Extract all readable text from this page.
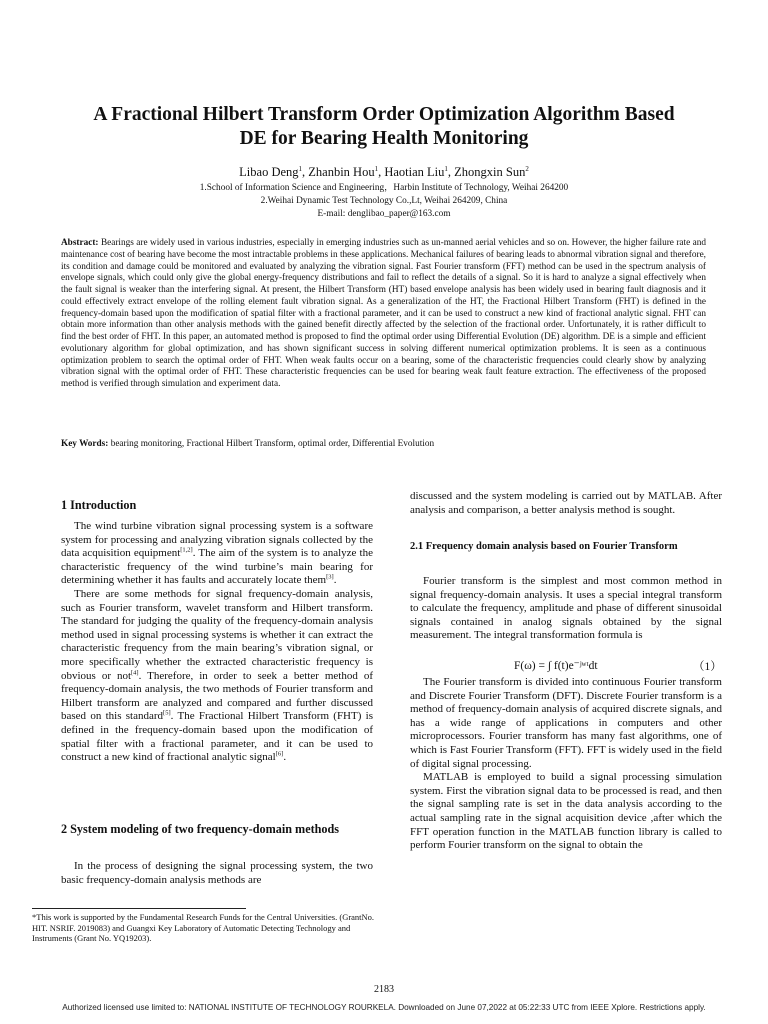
A Fractional Hilbert Transform Order Optimization Algorithm Based
DE for Bearing Health Monitoring
Libao Deng$^1$, Zhanbin Hou$^1$, Haotian Liu$^1$, Zhongxin Sun$^2$
1.School of Information Science and Engineering，Harbin Institute of Technology, Weihai 264200
2.Weihai Dynamic Test Technology Co.,Lt, Weihai 264209, China
E-mail: denglibao_paper@163.com
Abstract: Bearings are widely used in various industries, especially in emerging industries such as un-manned aerial vehicles and so on. However, the higher failure rate and maintenance cost of bearing have become the most intractable problems in these applications. Mechanical failures of bearing leads to abnormal vibration signal and therefore, its condition and damage could be monitored and evaluated by analyzing the vibration signal. Fast Fourier transform (FFT) method can be used in the spectrum analysis of envelope signals, which could only give the global energy-frequency distributions and fail to reflect the details of a signal. So it is hard to analyze a signal effectively when the fault signal is weaker than the interfering signal. At present, the Hilbert Transform (HT) based envelope analysis has been widely used in bearing fault diagnosis and it could effectively extract envelope of the rolling element fault vibration signal. As a generalization of the HT, the Fractional Hilbert Transform (FHT) is defined in the frequency-domain based upon the modification of spatial filter with a fractional parameter, and it can be used to construct a new kind of fractional analytic signal. FHT can obtain more information than other analysis methods with the gained benefit directly affected by the selection of the fractional order. Unfortunately, it is rather difficult to find the best order of FHT. In this paper, an automated method is proposed to find the optimal order using Differential Evolution (DE) algorithm. DE is a simple and efficient evolutionary algorithm for global optimization, and has shown significant success in solving different numerical optimization problems. It is seen as a continuous optimization problem to search the optimal order of FHT. When weak faults occur on a bearing, some of the characteristic frequencies could clearly show by analyzing vibration signal with the optimal order of FHT. These characteristic frequencies can be used for bearing weak fault feature extraction. The effectiveness of the proposed method is verified through simulation and experiment data.
Key Words: bearing monitoring, Fractional Hilbert Transform, optimal order, Differential Evolution
1 Introduction

The wind turbine vibration signal processing system is a software system for processing and analyzing vibration signals collected by the data acquisition equipment[1,2]. The aim of the system is to analyze the characteristic frequency of the wind turbine’s main bearing for determining whether it has faults and accurately locate them[3].

There are some methods for signal frequency-domain analysis, such as Fourier transform, wavelet transform and Hilbert transform. The standard for judging the quality of the frequency-domain analysis method used in signal processing systems is whether it can extract the characteristic frequency from the main bearing’s vibration signal, or more specifically whether the extracted characteristic frequency is obvious or not[4]. Therefore, in order to seek a better method of frequency-domain analysis, the two methods of Fourier transform and Hilbert transform are analyzed and compared and further discussed based on this standard[5]. The Fractional Hilbert Transform (FHT) is defined in the frequency-domain based upon the modification of spatial filter with a fractional parameter, and it can be used to construct a new kind of fractional analytic signal[6].

2 System modeling of two frequency-domain methods

In the process of designing the signal processing system, the two basic frequency-domain analysis methods are

discussed and the system modeling is carried out by MATLAB. After analysis and comparison, a better analysis method is sought.

2.1 Frequency domain analysis based on Fourier Transform

Fourier transform is the simplest and most common method in signal frequency-domain analysis. It uses a special integral transform to calculate the frequency, amplitude and phase of different sinusoidal signals contained in analog signals obtained by the signal measurement. The integral transformation formula is

F(ω) = ∫ f(t)e⁻ʲʷᵗdt	（1）

The Fourier transform is divided into continuous Fourier transform and Discrete Fourier Transform (DFT). Discrete Fourier transform is a method of frequency-domain analysis of acquired discrete signals, and has a wide range of applications in computers and other microprocessors. Fourier transform has many fast algorithms, one of which is Fast Fourier Transform (FFT). FFT is widely used in the field of digital signal processing.

MATLAB is employed to build a signal processing simulation system. First the vibration signal data to be processed is read, and then the signal sampling rate is set in the data analysis according to the actual sampling rate in the signal acquisition device ,after which the FFT operation function in the MATLAB function library is called to perform Fourier transform on the signal to obtain the

*This work is supported by the Fundamental Research Funds for the Central Universities. (GrantNo. HIT. NSRIF. 2019083) and Guangxi Key Laboratory of Automatic Detecting Technology and Instruments (Grant No. YQ19203).
2183
Authorized licensed use limited to: NATIONAL INSTITUTE OF TECHNOLOGY ROURKELA. Downloaded on June 07,2022 at 05:22:33 UTC from IEEE Xplore. Restrictions apply.
